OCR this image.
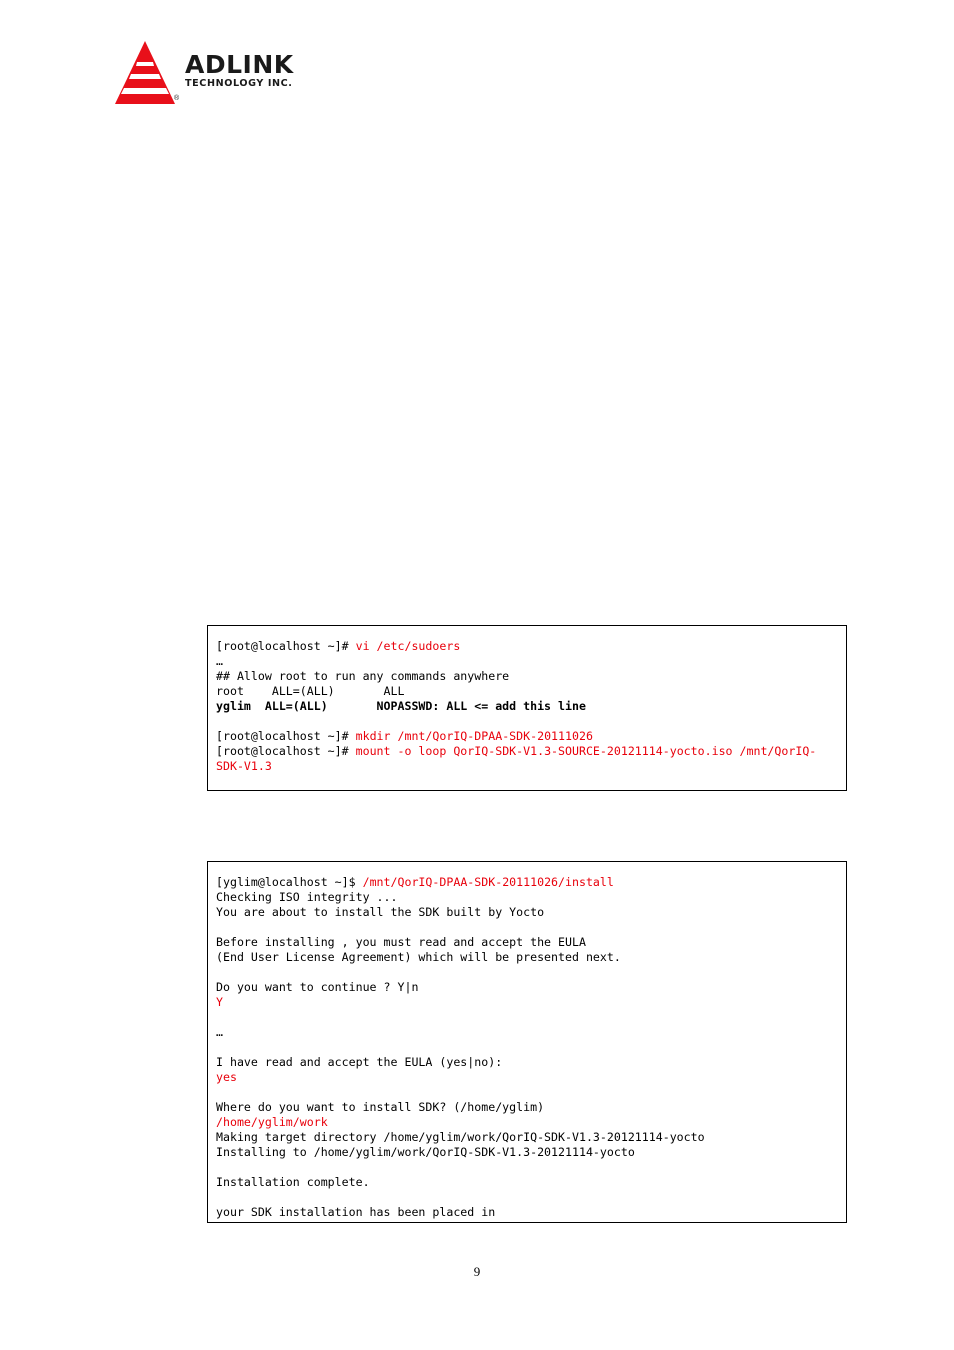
ADLINK
TECHNOLOGY INC.
®
[root@localhost ~]# vi /etc/sudoers
…
## Allow root to run any commands anywhere
root    ALL=(ALL)       ALL
yglim  ALL=(ALL)       NOPASSWD: ALL <= add this line

[root@localhost ~]# mkdir /mnt/QorIQ-DPAA-SDK-20111026
[root@localhost ~]# mount -o loop QorIQ-SDK-V1.3-SOURCE-20121114-yocto.iso /mnt/QorIQ-
SDK-V1.3
[yglim@localhost ~]$ /mnt/QorIQ-DPAA-SDK-20111026/install
Checking ISO integrity ...
You are about to install the SDK built by Yocto

Before installing , you must read and accept the EULA
(End User License Agreement) which will be presented next.

Do you want to continue ? Y|n
Y

…

I have read and accept the EULA (yes|no):
yes

Where do you want to install SDK? (/home/yglim)
/home/yglim/work
Making target directory /home/yglim/work/QorIQ-SDK-V1.3-20121114-yocto
Installing to /home/yglim/work/QorIQ-SDK-V1.3-20121114-yocto

Installation complete.

your SDK installation has been placed in
9
